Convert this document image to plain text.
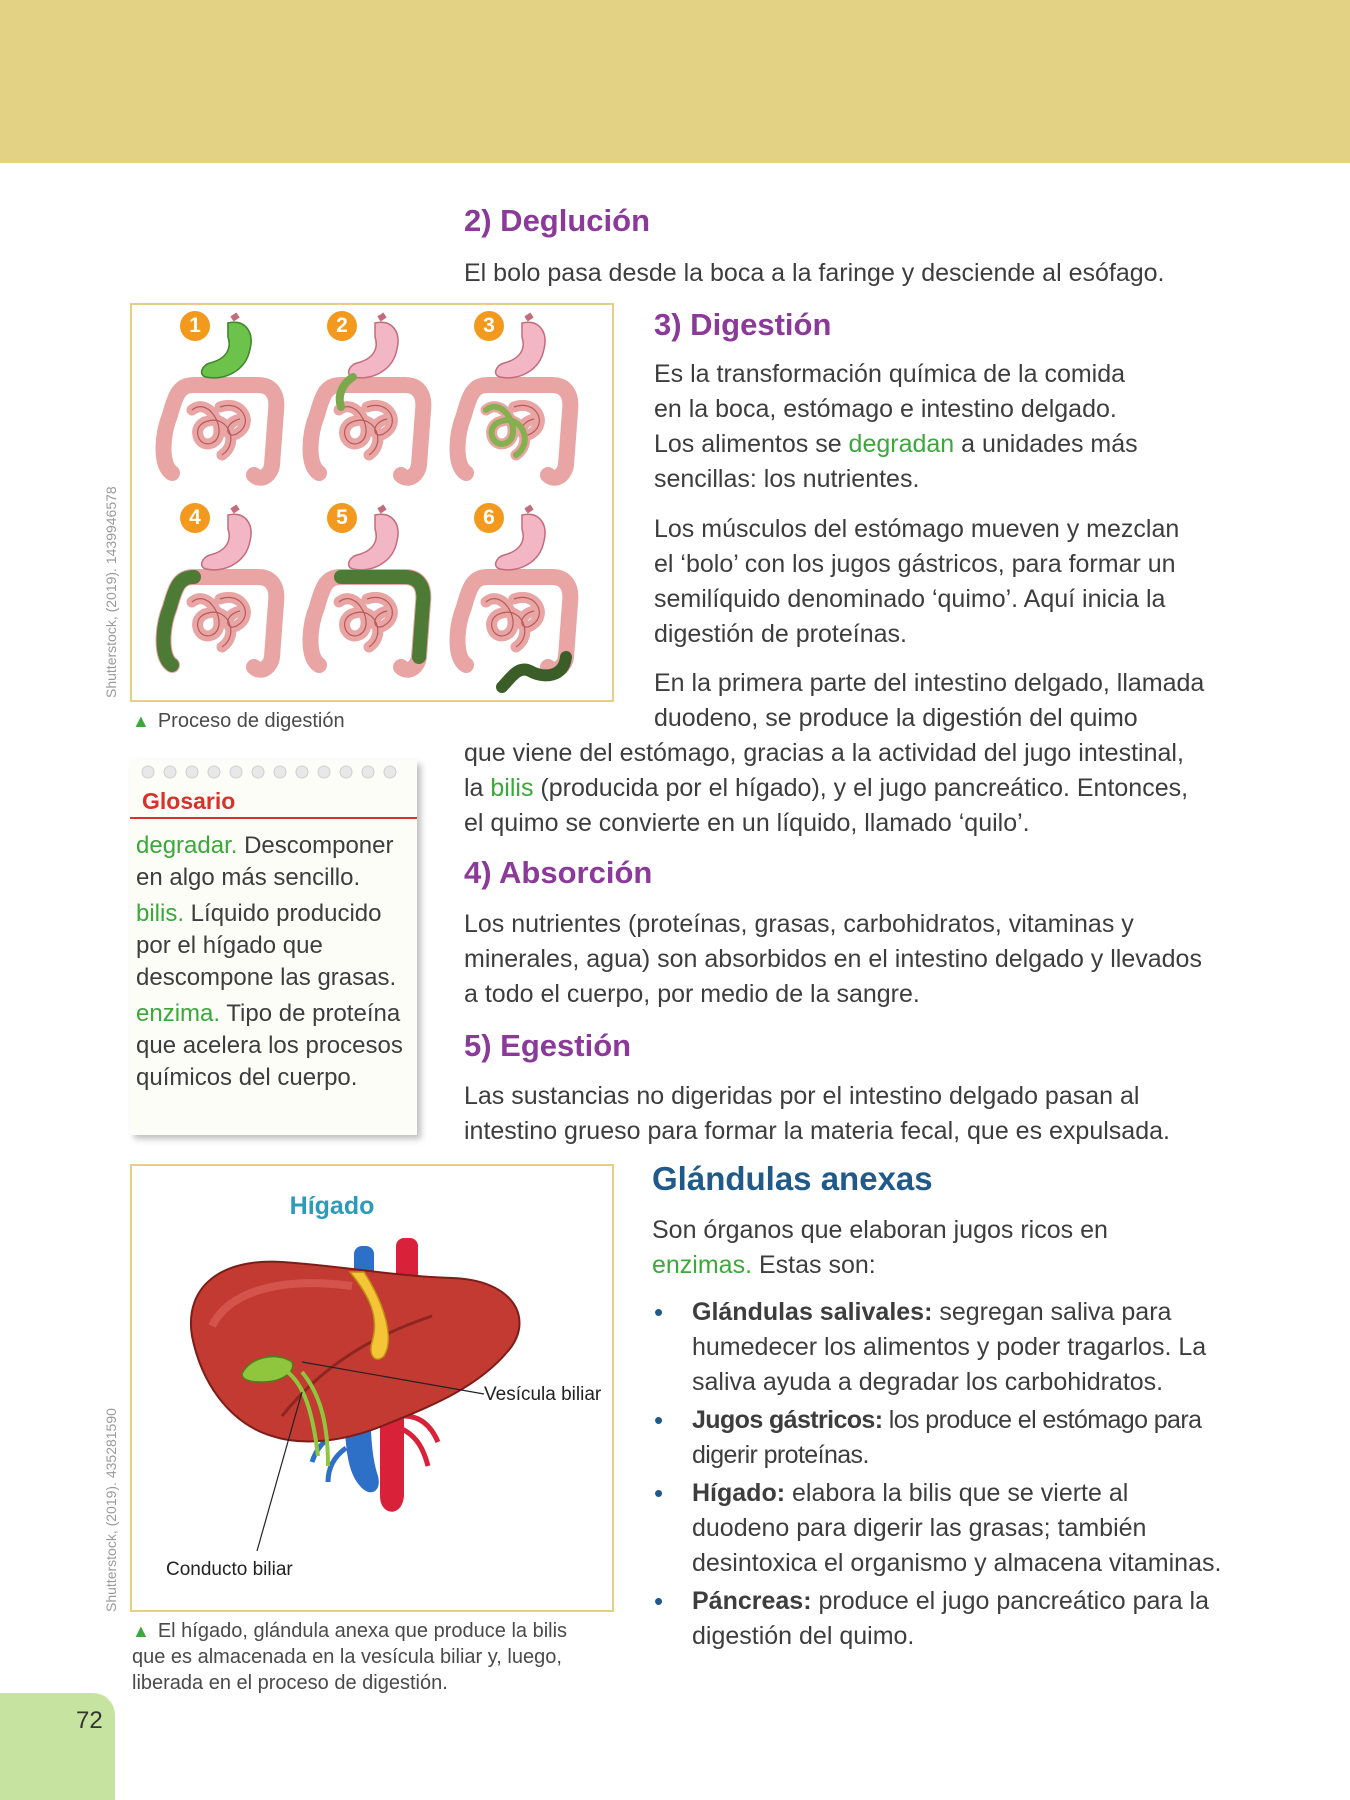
Shutterstock, (2019). 1439946578
Shutterstock, (2019). 435281590
2) Deglución

El bolo pasa desde la boca a la faringe y desciende al esófago.

1	2	3
4	5	6
▲ Proceso de digestión
3) Digestión

Es la transformación química de la comida
en la boca, estómago e intestino delgado.
Los alimentos se degradan a unidades más
sencillas: los nutrientes.

Los músculos del estómago mueven y mezclan
el ‘bolo’ con los jugos gástricos, para formar un
semilíquido denominado ‘quimo’. Aquí inicia la
digestión de proteínas.

En la primera parte del intestino delgado, llamada
duodeno, se produce la digestión del quimo

que viene del estómago, gracias a la actividad del jugo intestinal,
la bilis (producida por el hígado), y el jugo pancreático. Entonces,
el quimo se convierte en un líquido, llamado ‘quilo’.

Glosario

degradar. Descomponer en algo más sencillo.

bilis. Líquido producido por el hígado que descompone las grasas.

enzima. Tipo de proteína que acelera los procesos químicos del cuerpo.

4) Absorción

Los nutrientes (proteínas, grasas, carbohidratos, vitaminas y
minerales, agua) son absorbidos en el intestino delgado y llevados
a todo el cuerpo, por medio de la sangre.

5) Egestión

Las sustancias no digeridas por el intestino delgado pasan al
intestino grueso para formar la materia fecal, que es expulsada.

Hígado
Vesícula biliar
Conducto biliar
▲ El hígado, glándula anexa que produce la bilis
que es almacenada en la vesícula biliar y, luego,
liberada en el proceso de digestión.
Glándulas anexas

Son órganos que elaboran jugos ricos en
enzimas. Estas son:

• Glándulas salivales: segregan saliva para humedecer los alimentos y poder tragarlos. La saliva ayuda a degradar los carbohidratos.
• Jugos gástricos: los produce el estómago para digerir proteínas.
• Hígado: elabora la bilis que se vierte al duodeno para digerir las grasas; también desintoxica el organismo y almacena vitaminas.
• Páncreas: produce el jugo pancreático para la digestión del quimo.
72
